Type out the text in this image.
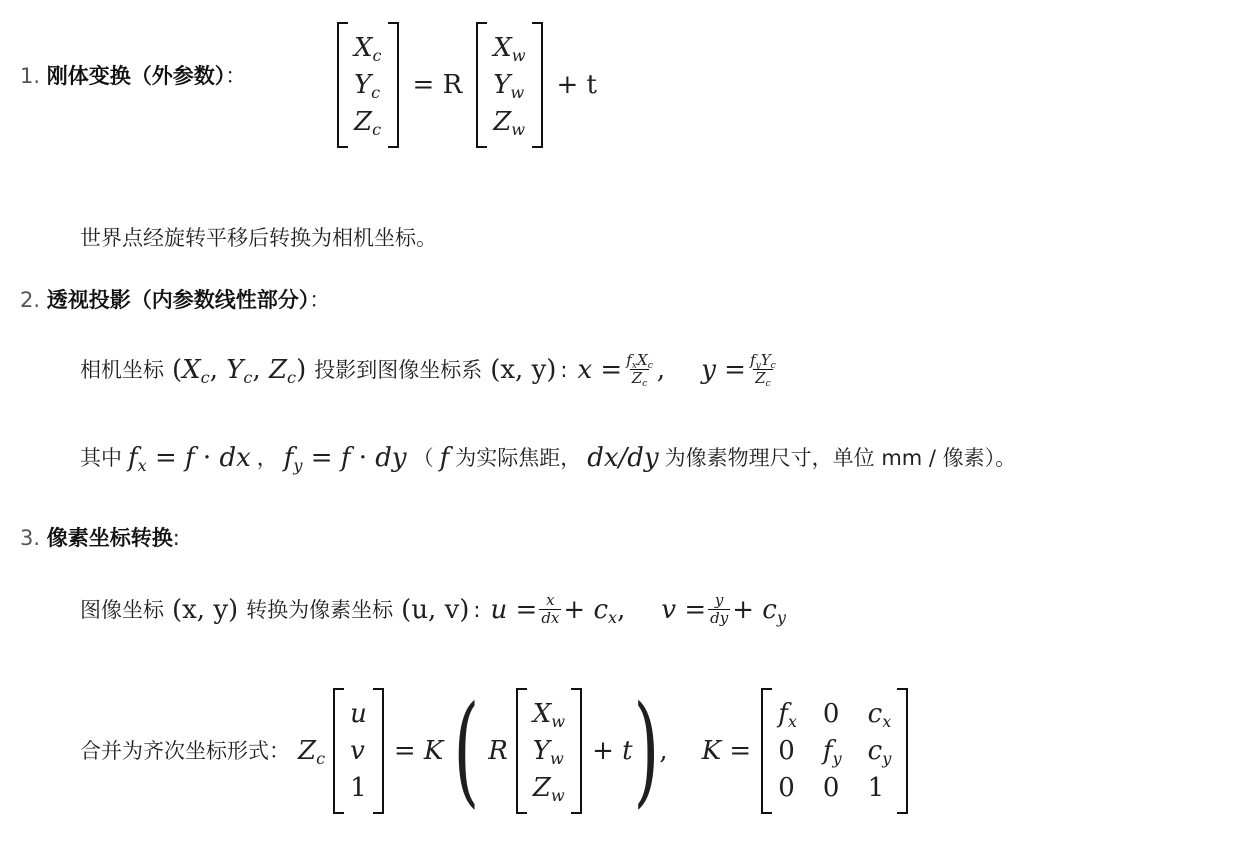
1. 刚体变换（外参数）：
$X_c$
$Y_c$
$Z_c$
= R
$X_w$
$Y_w$
$Z_w$
+ t
世界点经旋转平移后转换为相机坐标。
2. 透视投影（内参数线性部分）：
相机坐标 ($X_c$, $Y_c$, $Z_c$) 投影到图像坐标系 (x, y) : $x = \frac{f_xX_c}{Z_c}$ , $y = \frac{f_yY_c}{Z_c}$
其中 $f_x = f$ · dx ， $f_y = f$ · dy （ f 为实际焦距， dx/dy 为像素物理尺寸，单位 mm / 像素）。
3. 像素坐标转换:
图像坐标 (x, y) 转换为像素坐标 (u, v) : $u = \frac{x}{dx} + c_x$, $v = \frac{y}{dy} + c_y$
合并为齐次坐标形式： $Z_c$
u
v
1
= K ( R
$X_w$
$Y_w$
$Z_w$
+ t ) , K =
$f_x$ 0 $c_x$
0 $f_y$ $c_y$
0 0 1
